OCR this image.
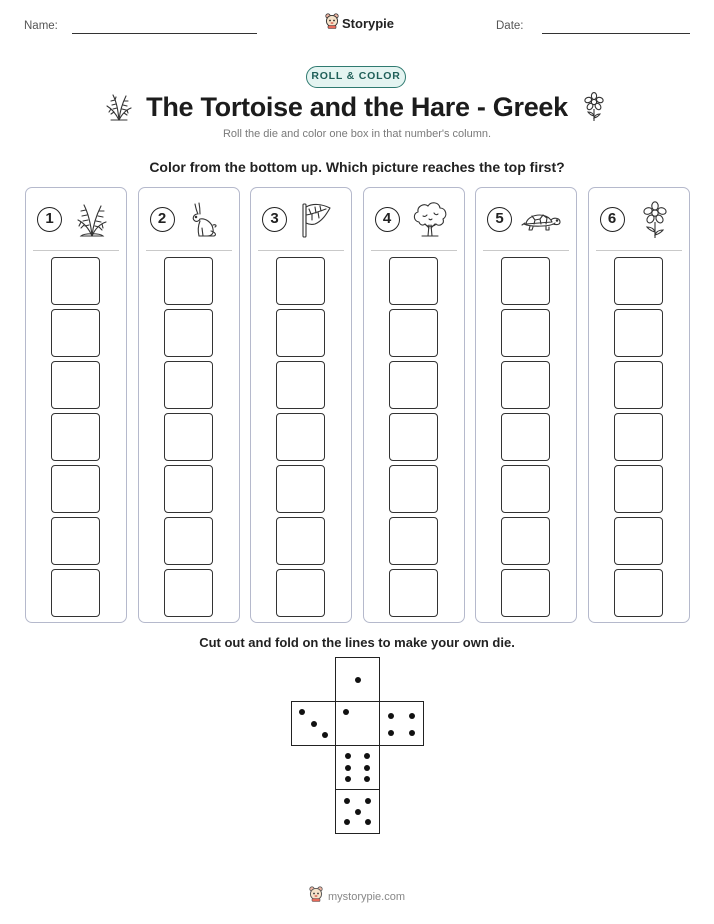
Name:	Storypie	Date:
ROLL & COLOR
The Tortoise and the Hare - Greek
Roll the die and color one box in that number's column.
Color from the bottom up. Which picture reaches the top first?
1	2	3	4	5	6
Cut out and fold on the lines to make your own die.
mystorypie.com
